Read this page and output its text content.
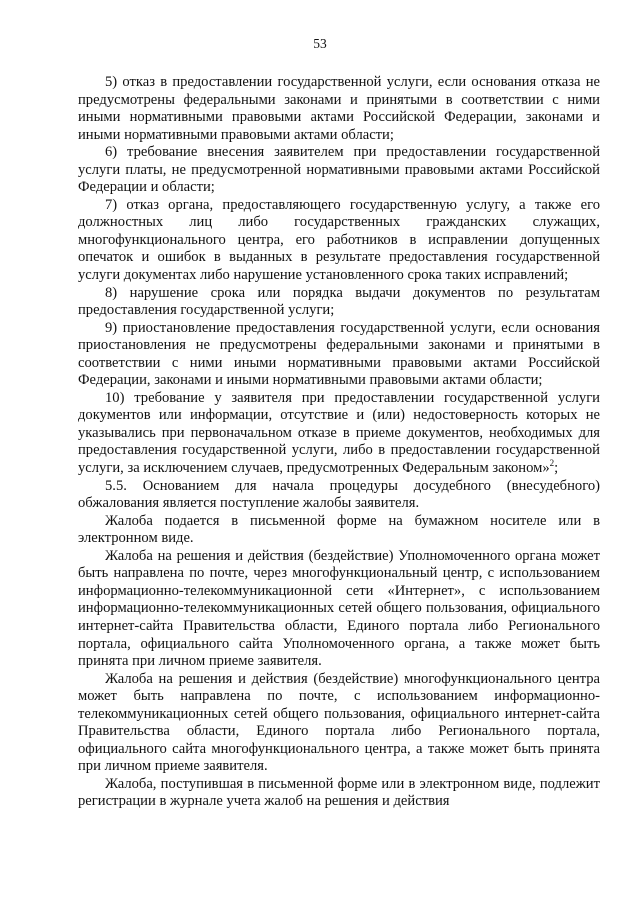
53

5) отказ в предоставлении государственной услуги, если основания отказа не предусмотрены федеральными законами и принятыми в соответствии с ними иными нормативными правовыми актами Российской Федерации, законами и иными нормативными правовыми актами области;

6) требование внесения заявителем при предоставлении государственной услуги платы, не предусмотренной нормативными правовыми актами Российской Федерации и области;

7) отказ органа, предоставляющего государственную услугу, а также его должностных лиц либо государственных гражданских служащих, многофункционального центра, его работников в исправлении допущенных опечаток и ошибок в выданных в результате предоставления государственной услуги документах либо нарушение установленного срока таких исправлений;

8) нарушение срока или порядка выдачи документов по результатам предоставления государственной услуги;

9) приостановление предоставления государственной услуги, если основания приостановления не предусмотрены федеральными законами и принятыми в соответствии с ними иными нормативными правовыми актами Российской Федерации, законами и иными нормативными правовыми актами области;

10) требование у заявителя при предоставлении государственной услуги документов или информации, отсутствие и (или) недостоверность которых не указывались при первоначальном отказе в приеме документов, необходимых для предоставления государственной услуги, либо в предоставлении государственной услуги, за исключением случаев, предусмотренных Федеральным законом»$^2$;

5.5. Основанием для начала процедуры досудебного (внесудебного) обжалования является поступление жалобы заявителя.

Жалоба подается в письменной форме на бумажном носителе или в электронном виде.

Жалоба на решения и действия (бездействие) Уполномоченного органа может быть направлена по почте, через многофункциональный центр, с использованием информационно-телекоммуникационной сети «Интернет», с использованием информационно-телекоммуникационных сетей общего пользования, официального интернет-сайта Правительства области, Единого портала либо Регионального портала, официального сайта Уполномоченного органа, а также может быть принята при личном приеме заявителя.

Жалоба на решения и действия (бездействие) многофункционального центра может быть направлена по почте, с использованием информационно-телекоммуникационных сетей общего пользования, официального интернет-сайта Правительства области, Единого портала либо Регионального портала, официального сайта многофункционального центра, а также может быть принята при личном приеме заявителя.

Жалоба, поступившая в письменной форме или в электронном виде, подлежит регистрации в журнале учета жалоб на решения и действия
